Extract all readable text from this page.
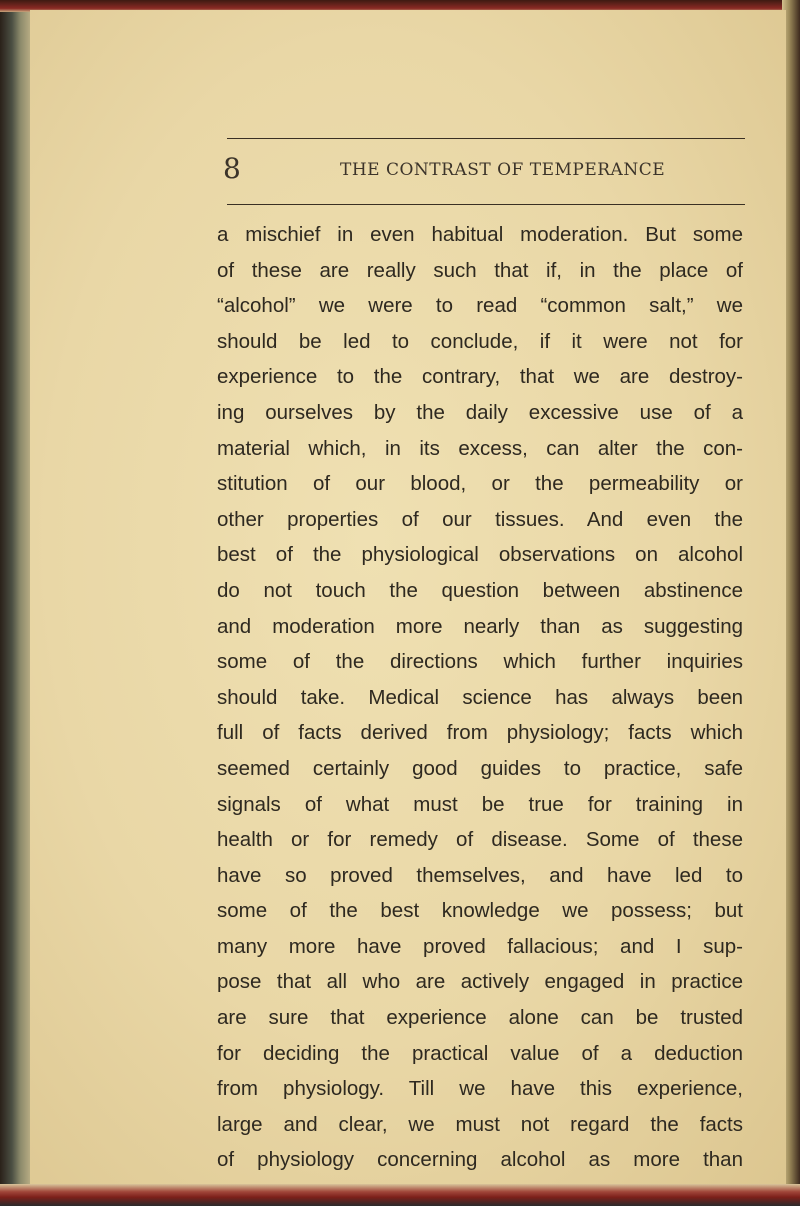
8	THE CONTRAST OF TEMPERANCE
a mischief in even habitual moderation. But some
of these are really such that if, in the place of
“alcohol” we were to read “common salt,” we
should be led to conclude, if it were not for
experience to the contrary, that we are destroy-
ing ourselves by the daily excessive use of a
material which, in its excess, can alter the con-
stitution of our blood, or the permeability or
other properties of our tissues. And even the
best of the physiological observations on alcohol
do not touch the question between abstinence
and moderation more nearly than as suggesting
some of the directions which further inquiries
should take. Medical science has always been
full of facts derived from physiology; facts which
seemed certainly good guides to practice, safe
signals of what must be true for training in
health or for remedy of disease. Some of these
have so proved themselves, and have led to
some of the best knowledge we possess; but
many more have proved fallacious; and I sup-
pose that all who are actively engaged in practice
are sure that experience alone can be trusted
for deciding the practical value of a deduction
from physiology. Till we have this experience,
large and clear, we must not regard the facts
of physiology concerning alcohol as more than
